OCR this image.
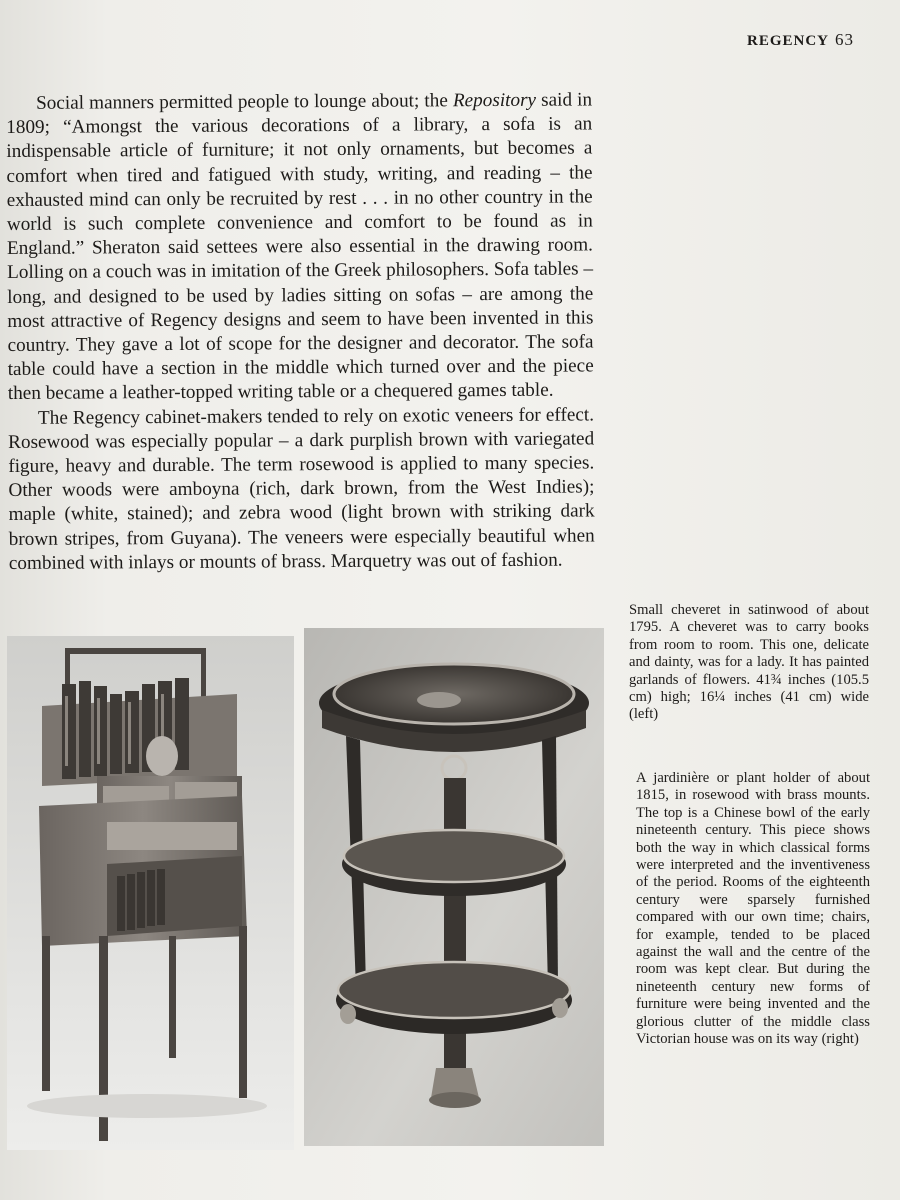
REGENCY 63

Social manners permitted people to lounge about; the Repository said in 1809; “Amongst the various decorations of a library, a sofa is an indispensable article of furniture; it not only ornaments, but becomes a comfort when tired and fatigued with study, writing, and reading – the exhausted mind can only be recruited by rest . . . in no other country in the world is such complete convenience and comfort to be found as in England.” Sheraton said settees were also essential in the drawing room. Lolling on a couch was in imitation of the Greek philosophers. Sofa tables – long, and designed to be used by ladies sitting on sofas – are among the most attractive of Regency designs and seem to have been invented in this country. They gave a lot of scope for the designer and decorator. The sofa table could have a section in the middle which turned over and the piece then became a leather-topped writing table or a chequered games table.

The Regency cabinet-makers tended to rely on exotic veneers for effect. Rosewood was especially popular – a dark purplish brown with variegated figure, heavy and durable. The term rosewood is applied to many species. Other woods were amboyna (rich, dark brown, from the West Indies); maple (white, stained); and zebra wood (light brown with striking dark brown stripes, from Guyana). The veneers were especially beautiful when combined with inlays or mounts of brass. Marquetry was out of fashion.

Small cheveret in satinwood of about 1795. A cheveret was to carry books from room to room. This one, delicate and dainty, was for a lady. It has painted garlands of flowers. 41¾ inches (105.5 cm) high; 16¼ inches (41 cm) wide (left)
A jardinière or plant holder of about 1815, in rosewood with brass mounts. The top is a Chinese bowl of the early nineteenth century. This piece shows both the way in which classical forms were interpreted and the inventiveness of the period. Rooms of the eighteenth century were sparsely furnished compared with our own time; chairs, for example, tended to be placed against the wall and the centre of the room was kept clear. But during the nineteenth century new forms of furniture were being invented and the glorious clutter of the middle class Victorian house was on its way (right)
